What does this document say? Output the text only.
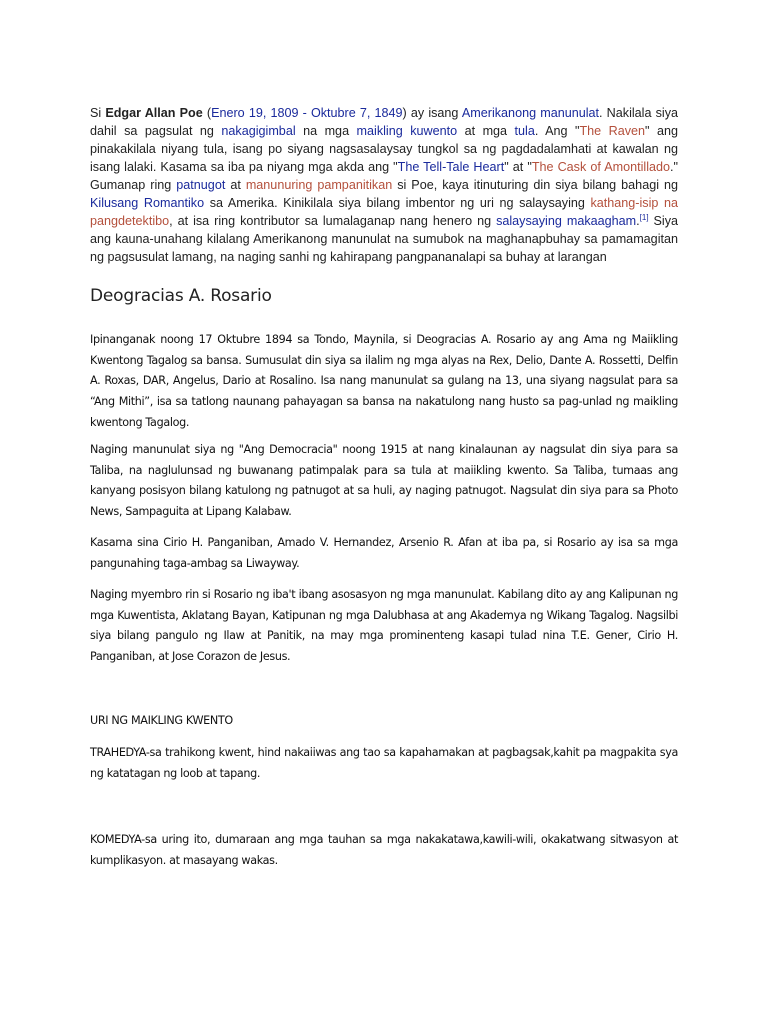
Si Edgar Allan Poe (Enero 19, 1809 - Oktubre 7, 1849) ay isang Amerikanong manunulat. Nakilala siya dahil sa pagsulat ng nakagigimbal na mga maikling kuwento at mga tula. Ang "The Raven" ang pinakakilala niyang tula, isang po siyang nagsasalaysay tungkol sa ng pagdadalamhati at kawalan ng isang lalaki. Kasama sa iba pa niyang mga akda ang "The Tell-Tale Heart" at "The Cask of Amontillado." Gumanap ring patnugot at manunuring pampanitikan si Poe, kaya itinuturing din siya bilang bahagi ng Kilusang Romantiko sa Amerika. Kinikilala siya bilang imbentor ng uri ng salaysaying kathang-isip na pangdetektibo, at isa ring kontributor sa lumalaganap nang henero ng salaysaying makaagham.[1] Siya ang kauna-unahang kilalang Amerikanong manunulat na sumubok na maghanapbuhay sa pamamagitan ng pagsusulat lamang, na naging sanhi ng kahirapang pangpananalapi sa buhay at larangan

Deogracias A. Rosario

Ipinanganak noong 17 Oktubre 1894 sa Tondo, Maynila, si Deogracias A. Rosario ay ang Ama ng Maiikling Kwentong Tagalog sa bansa. Sumusulat din siya sa ilalim ng mga alyas na Rex, Delio, Dante A. Rossetti, Delfin A. Roxas, DAR, Angelus, Dario at Rosalino. Isa nang manunulat sa gulang na 13, una siyang nagsulat para sa “Ang Mithi”, isa sa tatlong naunang pahayagan sa bansa na nakatulong nang husto sa pag-unlad ng maikling kwentong Tagalog.

Naging manunulat siya ng "Ang Democracia" noong 1915 at nang kinalaunan ay nagsulat din siya para sa Taliba, na naglulunsad ng buwanang patimpalak para sa tula at maiikling kwento. Sa Taliba, tumaas ang kanyang posisyon bilang katulong ng patnugot at sa huli, ay naging patnugot. Nagsulat din siya para sa Photo News, Sampaguita at Lipang Kalabaw.

Kasama sina Cirio H. Panganiban, Amado V. Hernandez, Arsenio R. Afan at iba pa, si Rosario ay isa sa mga pangunahing taga-ambag sa Liwayway.

Naging myembro rin si Rosario ng iba't ibang asosasyon ng mga manunulat. Kabilang dito ay ang Kalipunan ng mga Kuwentista, Aklatang Bayan, Katipunan ng mga Dalubhasa at ang Akademya ng Wikang Tagalog. Nagsilbi siya bilang pangulo ng Ilaw at Panitik, na may mga prominenteng kasapi tulad nina T.E. Gener, Cirio H. Panganiban, at Jose Corazon de Jesus.

URI NG MAIKLING KWENTO

TRAHEDYA-sa trahikong kwent, hind nakaiiwas ang tao sa kapahamakan at pagbagsak,kahit pa magpakita sya ng katatagan ng loob at tapang.

KOMEDYA-sa uring ito, dumaraan ang mga tauhan sa mga nakakatawa,kawili-wili, okakatwang sitwasyon at kumplikasyon. at masayang wakas.
